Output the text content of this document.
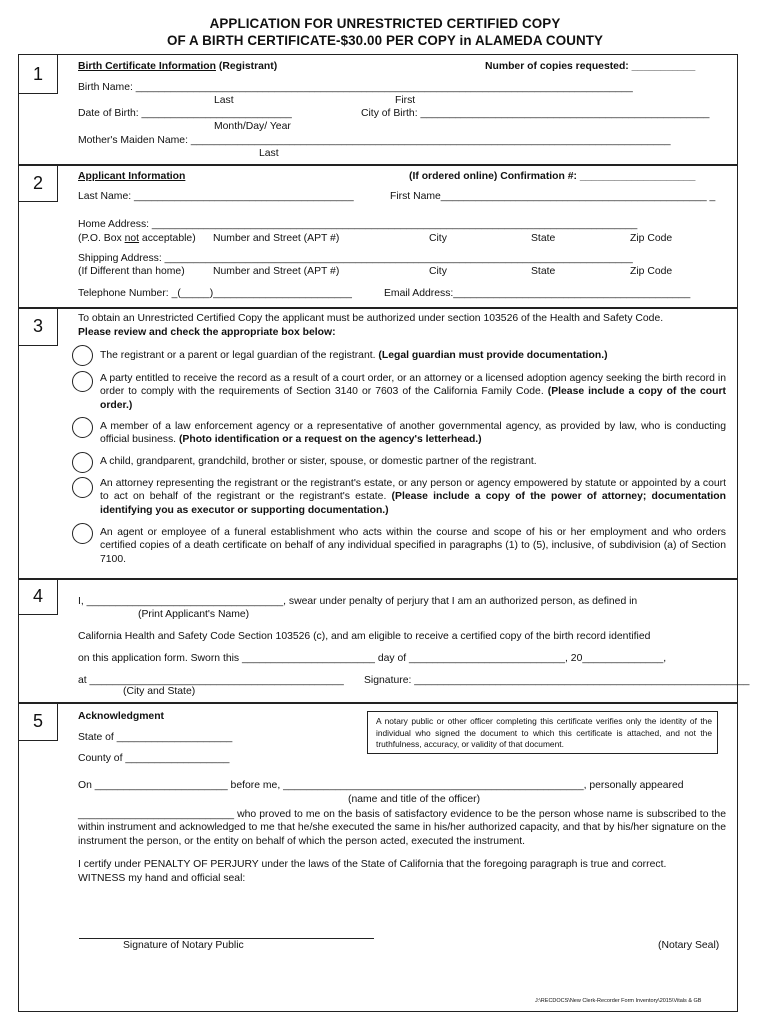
APPLICATION FOR UNRESTRICTED CERTIFIED COPY
OF A BIRTH CERTIFICATE-$30.00 PER COPY in ALAMEDA COUNTY
1	Birth Certificate Information (Registrant)	Number of copies requested: ___________
Birth Name: ______________________________________________________________________________________
Last	First
Date of Birth: __________________________	City of Birth: __________________________________________________
Month/Day/ Year
Mother's Maiden Name: ___________________________________________________________________________________
Last
2	Applicant Information	(If ordered online) Confirmation #: ____________________
Last Name: ______________________________________	First Name______________________________________________ _
Home Address: ____________________________________________________________________________________
(P.O. Box not acceptable) Number and Street (APT #)	City	State	Zip Code
Shipping Address: _________________________________________________________________________________
(If Different than home)	Number and Street (APT #)	City	State	Zip Code
Telephone Number: _(_____)________________________	Email Address:_________________________________________
3	To obtain an Unrestricted Certified Copy the applicant must be authorized under section 103526 of the Health and Safety Code.
Please review and check the appropriate box below:
The registrant or a parent or legal guardian of the registrant. (Legal guardian must provide documentation.)
A party entitled to receive the record as a result of a court order, or an attorney or a licensed adoption agency seeking the birth record in order to comply with the requirements of Section 3140 or 7603 of the California Family Code. (Please include a copy of the court order.)
A member of a law enforcement agency or a representative of another governmental agency, as provided by law, who is conducting official business. (Photo identification or a request on the agency's letterhead.)
A child, grandparent, grandchild, brother or sister, spouse, or domestic partner of the registrant.
An attorney representing the registrant or the registrant's estate, or any person or agency empowered by statute or appointed by a court to act on behalf of the registrant or the registrant's estate. (Please include a copy of the power of attorney; documentation identifying you as executor or supporting documentation.)
An agent or employee of a funeral establishment who acts within the course and scope of his or her employment and who orders certified copies of a death certificate on behalf of any individual specified in paragraphs (1) to (5), inclusive, of subdivision (a) of Section 7100.
4	I, __________________________________, swear under penalty of perjury that I am an authorized person, as defined in
(Print Applicant's Name)
California Health and Safety Code Section 103526 (c), and am eligible to receive a certified copy of the birth record identified
on this application form. Sworn this _______________________ day of ___________________________, 20______________,
at ____________________________________________ Signature: __________________________________________________________
(City and State)
5	Acknowledgment	A notary public or other officer completing this certificate verifies only the identity of the individual who signed the document to which this certificate is attached, and not the truthfulness, accuracy, or validity of that document.
State of ____________________
County of __________________
On _______________________ before me, ____________________________________________________, personally appeared
(name and title of the officer)
___________________________ who proved to me on the basis of satisfactory evidence to be the person whose name is subscribed to the within instrument and acknowledged to me that he/she executed the same in his/her authorized capacity, and that by his/her signature on the instrument the person, or the entity on behalf of which the person acted, executed the instrument.
I certify under PENALTY OF PERJURY under the laws of the State of California that the foregoing paragraph is true and correct.
WITNESS my hand and official seal:
Signature of Notary Public	(Notary Seal)
J:\RECDOCS\New Clerk-Recorder Form Inventory\2015\Vitals & GB
